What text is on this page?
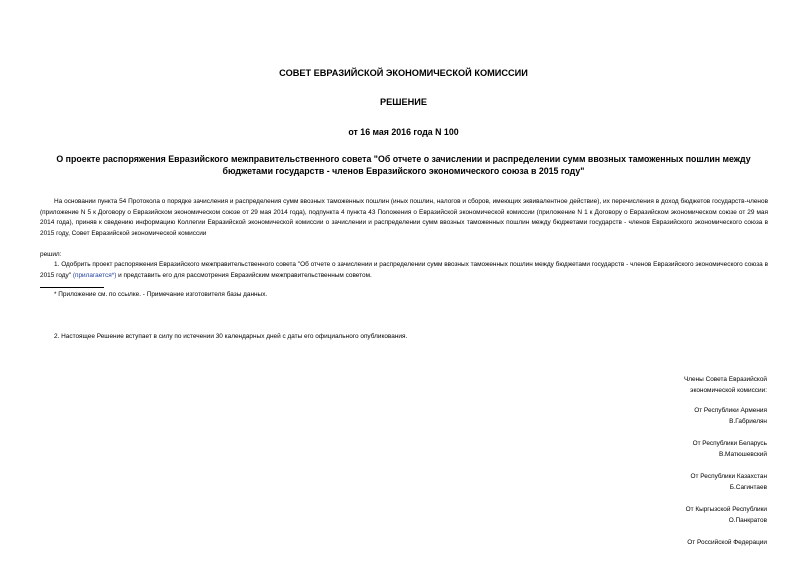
СОВЕТ ЕВРАЗИЙСКОЙ ЭКОНОМИЧЕСКОЙ КОМИССИИ
РЕШЕНИЕ
от 16 мая 2016 года N 100
О проекте распоряжения Евразийского межправительственного совета "Об отчете о зачислении и распределении сумм ввозных таможенных пошлин между бюджетами государств - членов Евразийского экономического союза в 2015 году"
На основании пункта 54 Протокола о порядке зачисления и распределения сумм ввозных таможенных пошлин (иных пошлин, налогов и сборов, имеющих эквивалентное действие), их перечисления в доход бюджетов государств-членов (приложение N 5 к Договору о Евразийском экономическом союзе от 29 мая 2014 года), подпункта 4 пункта 43 Положения о Евразийской экономической комиссии (приложение N 1 к Договору о Евразийском экономическом союзе от 29 мая 2014 года), приняв к сведению информацию Коллегии Евразийской экономической комиссии о зачислении и распределении сумм ввозных таможенных пошлин между бюджетами государств - членов Евразийского экономического союза в 2015 году, Совет Евразийской экономической комиссии
решил:
1. Одобрить проект распоряжения Евразийского межправительственного совета "Об отчете о зачислении и распределении сумм ввозных таможенных пошлин между бюджетами государств - членов Евразийского экономического союза в 2015 году" (прилагается*) и представить его для рассмотрения Евразийским межправительственным советом.
* Приложение см. по ссылке. - Примечание изготовителя базы данных.
2. Настоящее Решение вступает в силу по истечении 30 календарных дней с даты его официального опубликования.
Члены Совета Евразийской
экономической комиссии:
От Республики Армения
В.Габриелян
От Республики Беларусь
В.Матюшевский
От Республики Казахстан
Б.Сагинтаев
От Кыргызской Республики
О.Панкратов
От Российской Федерации
